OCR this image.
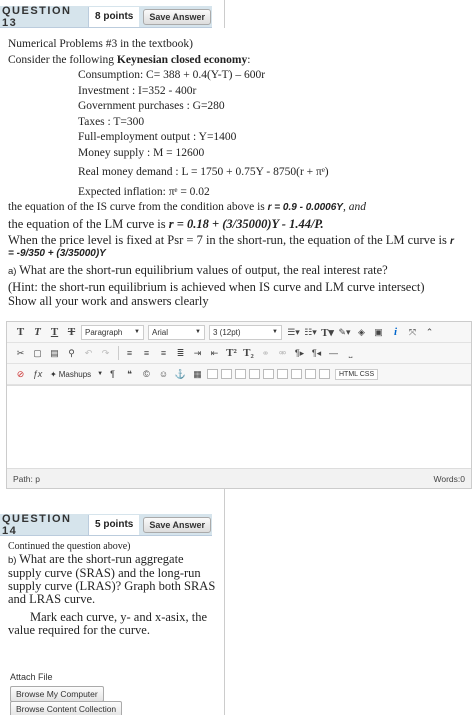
QUESTION 13
8 points	Save Answer
Numerical Problems #3 in the textbook)
Consider the following Keynesian closed economy:
Consumption: C= 388 + 0.4(Y-T) – 600r
Investment : I=352 - 400r
Government purchases : G=280
Taxes : T=300
Full-employment output : Y=1400
Money supply : M = 12600
Real money demand : L = 1750 + 0.75Y - 8750(r + πᵉ)
Expected inflation: πᵉ = 0.02
the equation of the IS curve from the condition above is r = 0.9 - 0.0006Y, and
the equation of the LM curve is r = 0.18 + (3/35000)Y - 1.44/P.
When the price level is fixed at Psr = 7 in the short-run, the equation of the LM curve is r
= -9/350 + (3/35000)Y
a) What are the short-run equilibrium values of output, the real interest rate?
(Hint: the short-run equilibrium is achieved when IS curve and LM curve intersect)
Show all your work and answers clearly
T T T T	Paragraph ▼ Arial	▼ 3 (12pt)	▼ ☰▾ ☷▾ T▾ ✎▾ ◈	▣	i	⤧	⌃
✂ ▢ ▤	⚲	↶	↷	≡	≡	≡	≣	⇥	⇤ T² T₂ ⚭	⚮ ¶▸ ¶◂ —	⎵
⊘ ƒx ✦ Mashups ▼ ¶	❝	©	☺ ⚓ ▦	HTML CSS
Path: p	Words:0
QUESTION 14
5 points	Save Answer
Continued the question above)
b) What are the short-run aggregate supply curve (SRAS) and the long-run supply curve (LRAS)? Graph both SRAS and LRAS curve.
Mark each curve, y- and x-asix, the value required for the curve.
Attach File
Browse My Computer
Browse Content Collection
